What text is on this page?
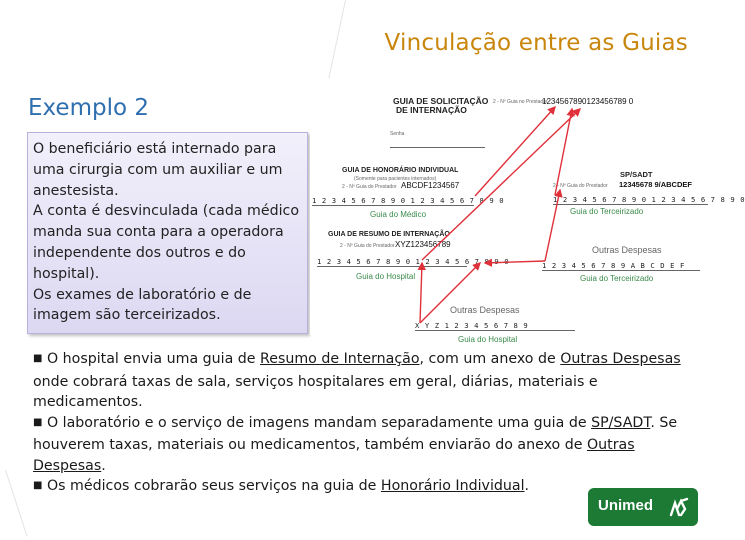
Vinculação entre as Guias
Exemplo 2

O beneficiário está internado para uma cirurgia com um auxiliar e um anestesista.

A conta é desvinculada (cada médico manda sua conta para a operadora independente dos outros e do hospital).

Os exames de laboratório e de imagem são terceirizados.

GUIA DE SOLICITAÇÃO
DE INTERNAÇÃO
2 - Nº Guia no Prestador
1234567890123456789 0
Senha
GUIA DE HONORÁRIO INDIVIDUAL
(Somente para pacientes internados)
2 - Nº Guia do Prestador ABCDF1234567
1 2 3 4 5 6 7 8 9 0 1 2 3 4 5 6 7 8 9 0
Guia do Médico
SP/SADT
2 - Nº Guia do Prestador 12345678 9/ABCDEF
1 2 3 4 5 6 7 8 9 0 1 2 3 4 5 6 7 8 9 0
Guia do Terceirizado
GUIA DE RESUMO DE INTERNAÇÃO
2 - Nº Guia do Prestador XYZ123456789
1 2 3 4 5 6 7 8 9 0 1 2 3 4 5 6 7 8 9 0
Guia do Hospital
Outras Despesas
1 2 3 4 5 6 7 8 9 A B C D E F
Guia do Terceirizado
Outras Despesas
X Y Z 1 2 3 4 5 6 7 8 9
Guia do Hospital

■ O hospital envia uma guia de Resumo de Internação, com um anexo de Outras Despesas onde cobrará taxas de sala, serviços hospitalares em geral, diárias, materiais e medicamentos.

■ O laboratório e o serviço de imagens mandam separadamente uma guia de SP/SADT. Se houverem taxas, materiais ou medicamentos, também enviarão do anexo de Outras Despesas.

■ Os médicos cobrarão seus serviços na guia de Honorário Individual.

Unimed
